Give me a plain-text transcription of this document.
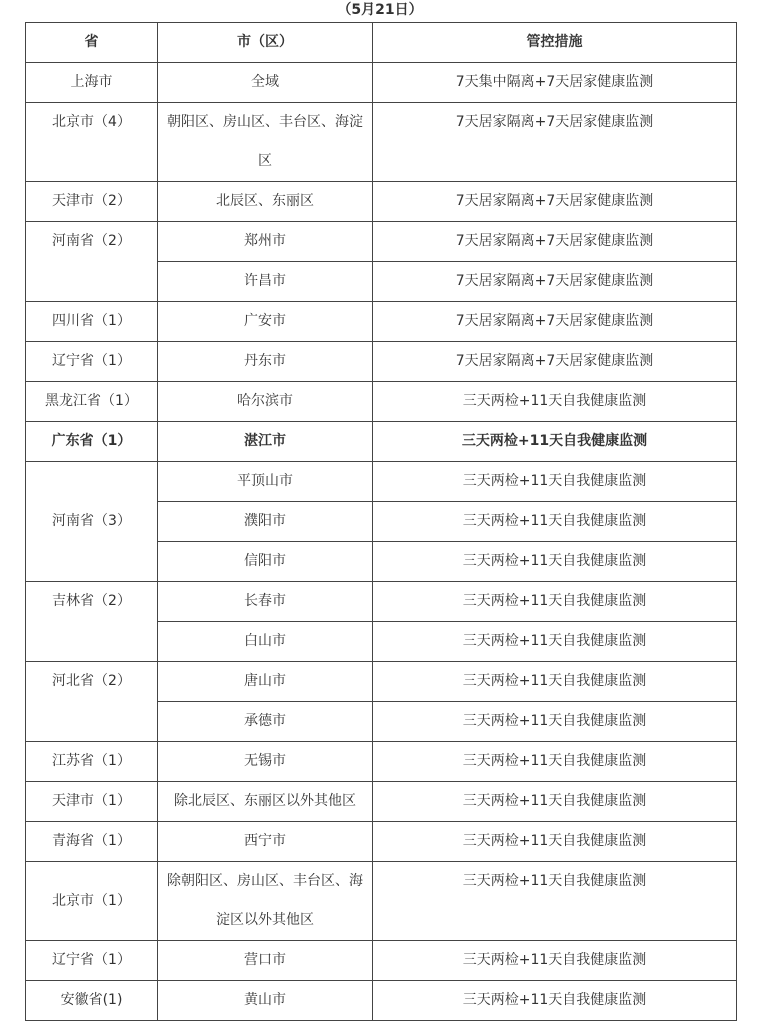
（5月21日）
省	市（区）	管控措施
上海市	全域	7天集中隔离+7天居家健康监测
北京市（4）	朝阳区、房山区、丰台区、海淀区	7天居家隔离+7天居家健康监测
天津市（2）	北辰区、东丽区	7天居家隔离+7天居家健康监测
河南省（2）	郑州市	7天居家隔离+7天居家健康监测
	许昌市	7天居家隔离+7天居家健康监测
四川省（1）	广安市	7天居家隔离+7天居家健康监测
辽宁省（1）	丹东市	7天居家隔离+7天居家健康监测
黑龙江省（1）	哈尔滨市	三天两检+11天自我健康监测
广东省（1）	湛江市	三天两检+11天自我健康监测
河南省（3）	平顶山市	三天两检+11天自我健康监测
	濮阳市	三天两检+11天自我健康监测
	信阳市	三天两检+11天自我健康监测
吉林省（2）	长春市	三天两检+11天自我健康监测
	白山市	三天两检+11天自我健康监测
河北省（2）	唐山市	三天两检+11天自我健康监测
	承德市	三天两检+11天自我健康监测
江苏省（1）	无锡市	三天两检+11天自我健康监测
天津市（1）	除北辰区、东丽区以外其他区	三天两检+11天自我健康监测
青海省（1）	西宁市	三天两检+11天自我健康监测
北京市（1）	除朝阳区、房山区、丰台区、海淀区以外其他区	三天两检+11天自我健康监测
辽宁省（1）	营口市	三天两检+11天自我健康监测
安徽省(1)	黄山市	三天两检+11天自我健康监测
